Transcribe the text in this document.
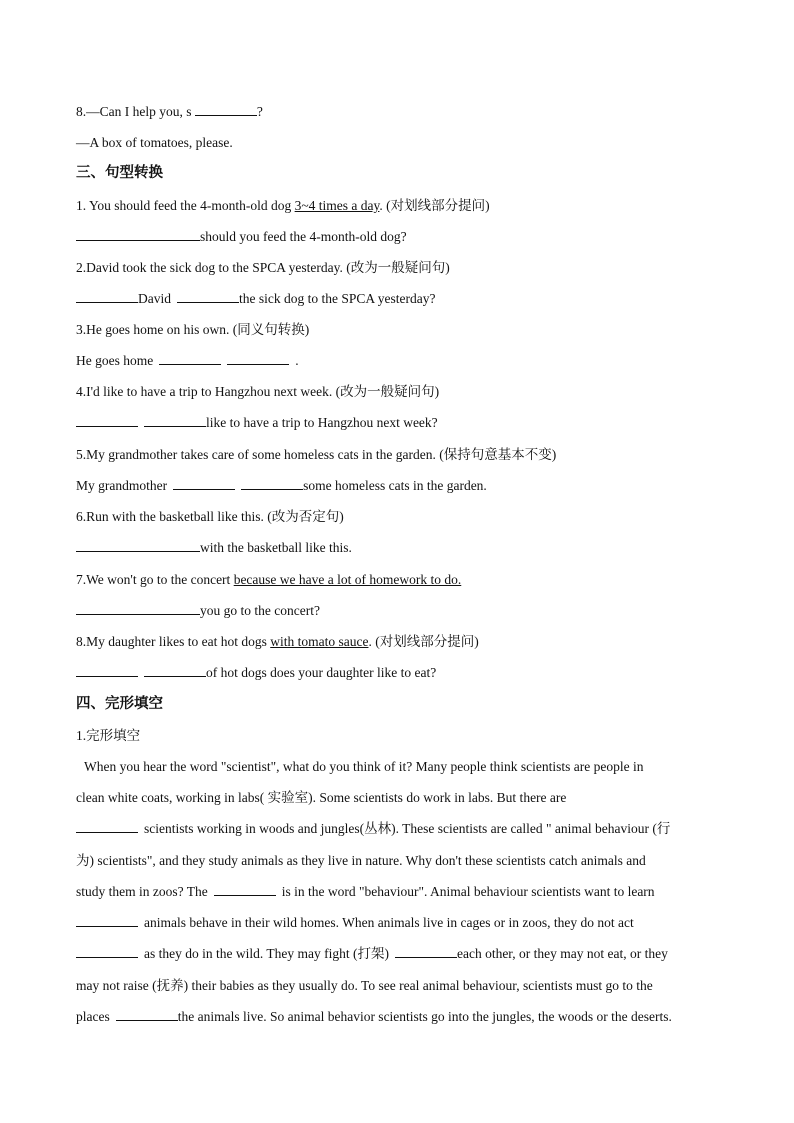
8.—Can I help you, s	?
—A box of tomatoes, please.
三、句型转换
1. You should feed the 4-month-old dog 3~4 times a day. (对划线部分提问)
should you feed the 4-month-old dog?
2.David took the sick dog to the SPCA yesterday. (改为一般疑问句)
David	the sick dog to the SPCA yesterday?
3.He goes home on his own. (同义句转换)
He goes home	.
4.I'd like to have a trip to Hangzhou next week. (改为一般疑问句)
like to have a trip to Hangzhou next week?
5.My grandmother takes care of some homeless cats in the garden. (保持句意基本不变)
My grandmother	some homeless cats in the garden.
6.Run with the basketball like this. (改为否定句)
with the basketball like this.
7.We won't go to the concert because we have a lot of homework to do.
you go to the concert?
8.My daughter likes to eat hot dogs with tomato sauce. (对划线部分提问)
of hot dogs does your daughter like to eat?
四、完形填空
1.完形填空
When you hear the word "scientist", what do you think of it? Many people think scientists are people in
clean white coats, working in labs( 实验室). Some scientists do work in labs. But there are
scientists working in woods and jungles(丛林). These scientists are called " animal behaviour (行
为) scientists", and they study animals as they live in nature. Why don't these scientists catch animals and
study them in zoos? The	is in the word "behaviour". Animal behaviour scientists want to learn
animals behave in their wild homes. When animals live in cages or in zoos, they do not act
as they do in the wild. They may fight (打架)	each other, or they may not eat, or they
may not raise (抚养) their babies as they usually do. To see real animal behaviour, scientists must go to the
places	the animals live. So animal behavior scientists go into the jungles, the woods or the deserts.
